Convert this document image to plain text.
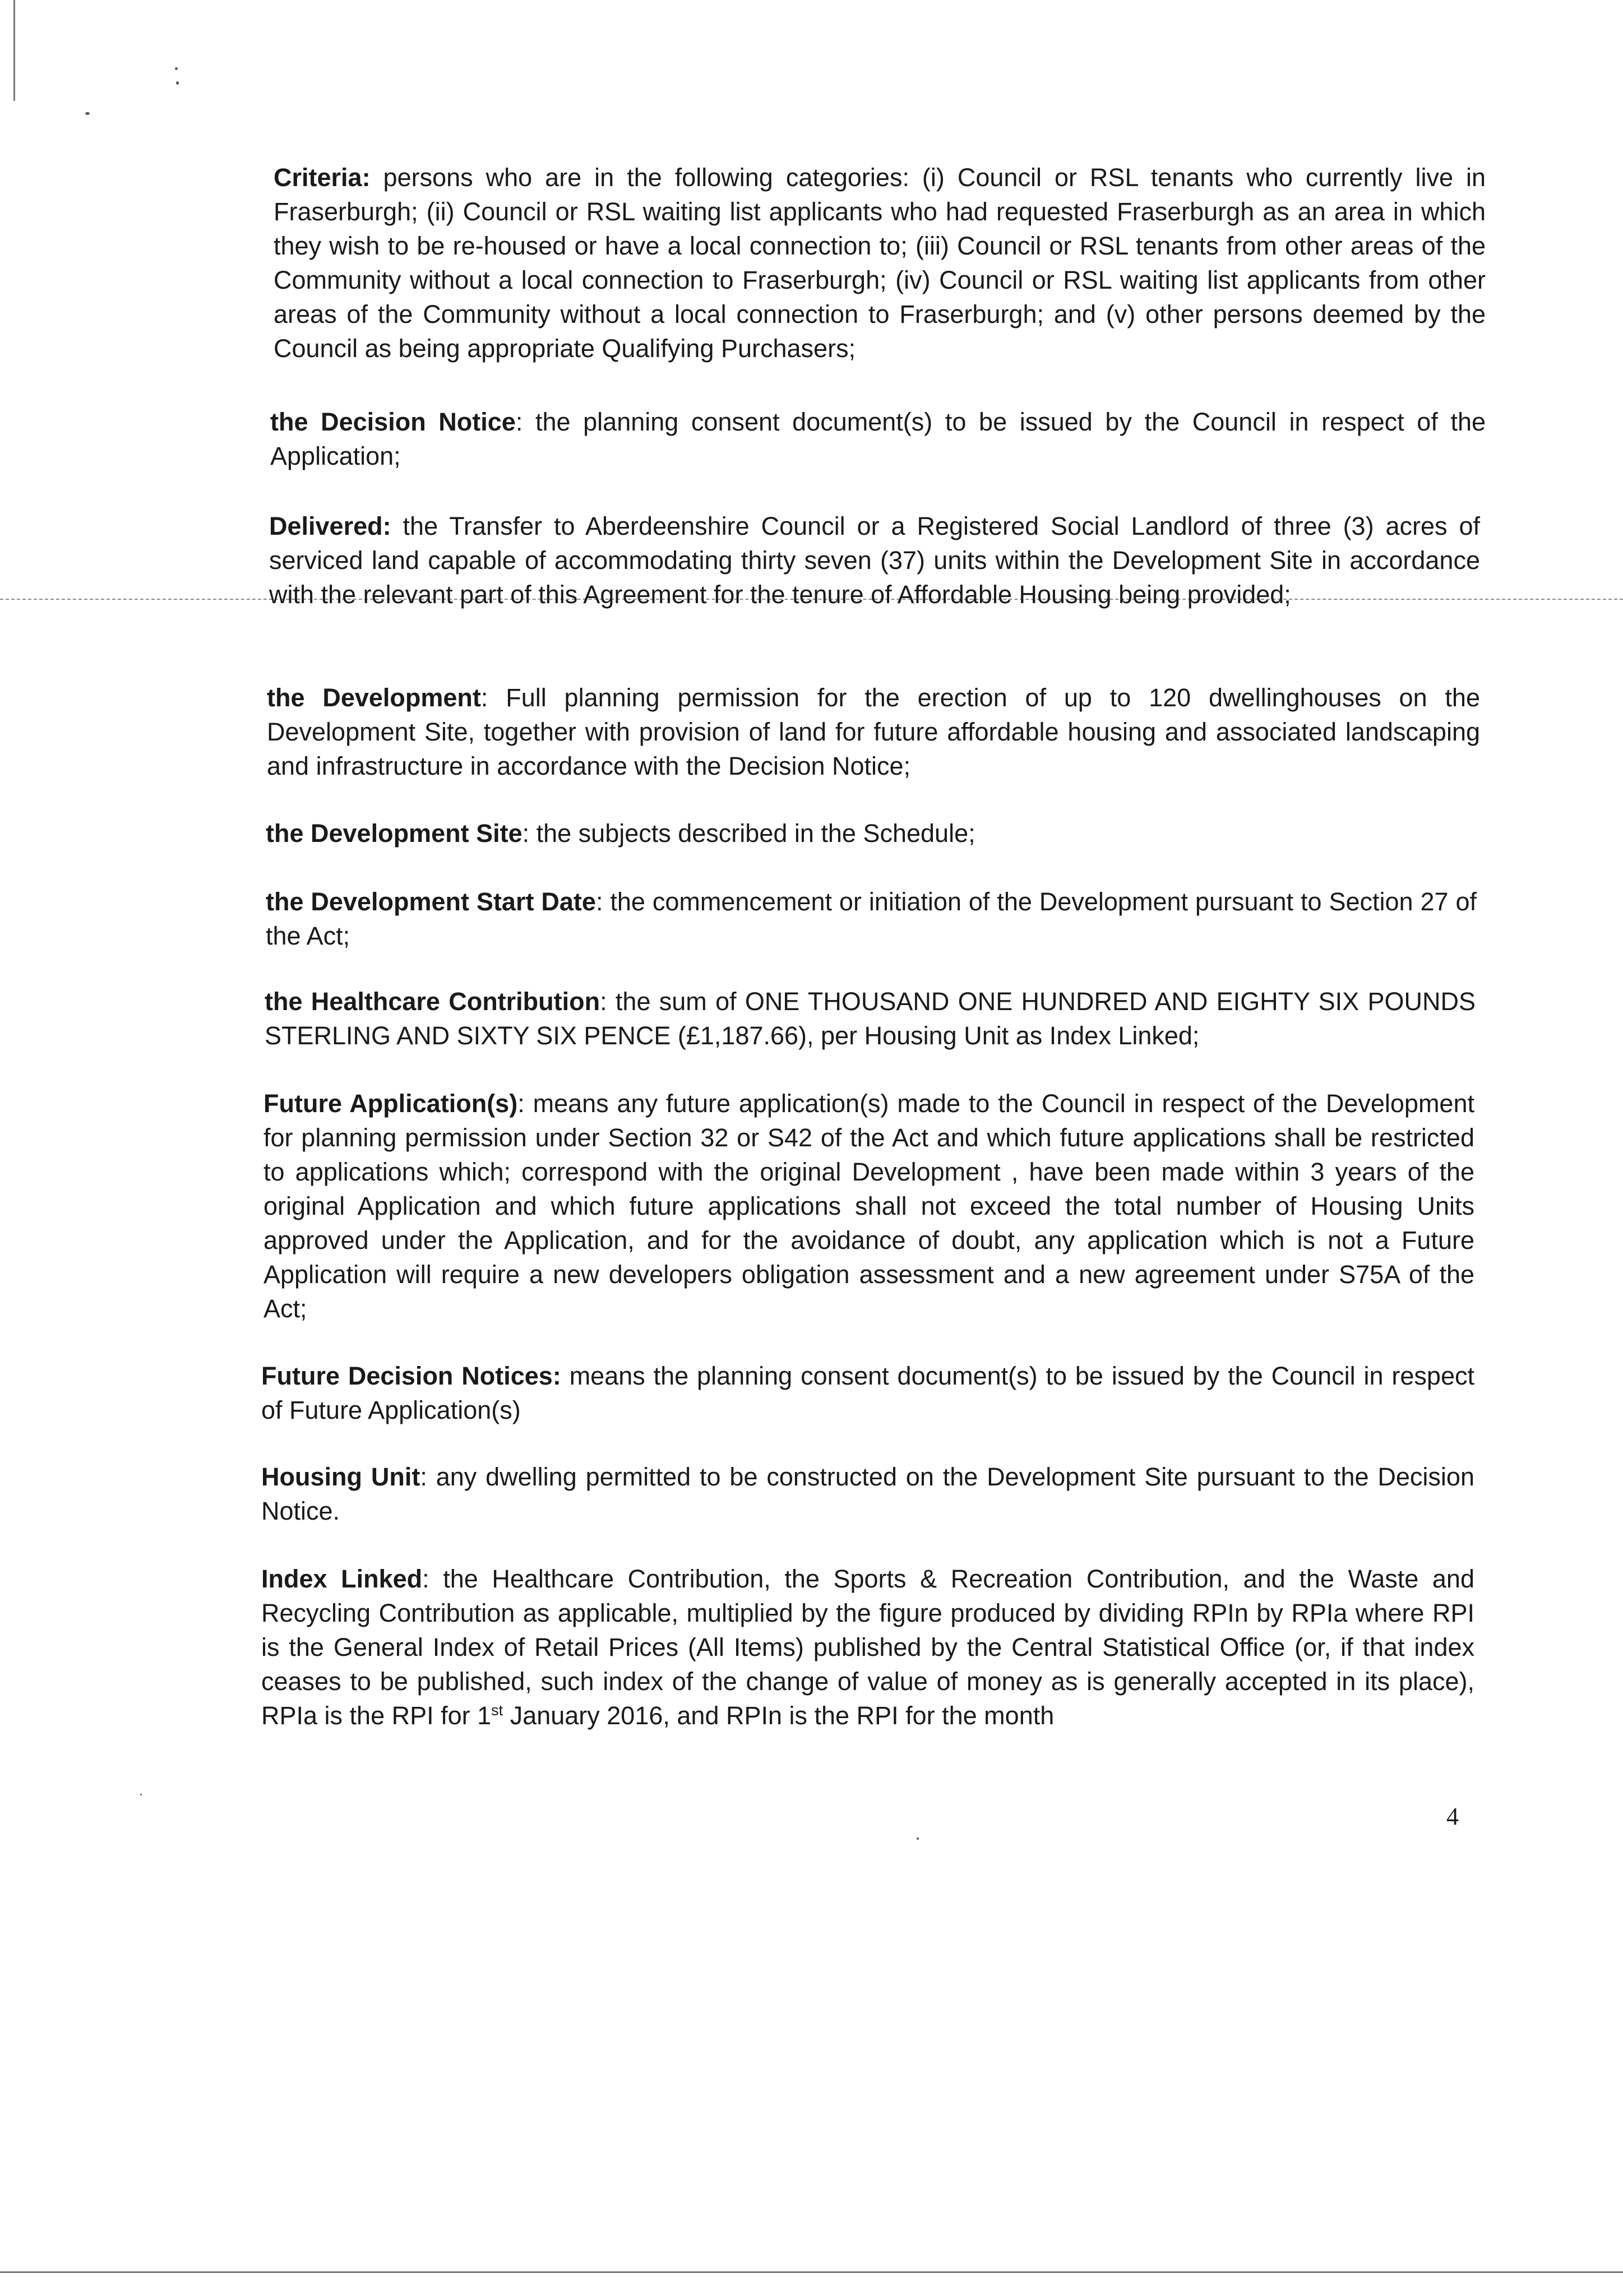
Criteria: persons who are in the following categories: (i) Council or RSL tenants who currently live in Fraserburgh; (ii) Council or RSL waiting list applicants who had requested Fraserburgh as an area in which they wish to be re-housed or have a local connection to; (iii) Council or RSL tenants from other areas of the Community without a local connection to Fraserburgh; (iv) Council or RSL waiting list applicants from other areas of the Community without a local connection to Fraserburgh; and (v) other persons deemed by the Council as being appropriate Qualifying Purchasers;

the Decision Notice: the planning consent document(s) to be issued by the Council in respect of the Application;

Delivered: the Transfer to Aberdeenshire Council or a Registered Social Landlord of three (3) acres of serviced land capable of accommodating thirty seven (37) units within the Development Site in accordance with the relevant part of this Agreement for the tenure of Affordable Housing being provided;

the Development: Full planning permission for the erection of up to 120 dwellinghouses on the Development Site, together with provision of land for future affordable housing and associated landscaping and infrastructure in accordance with the Decision Notice;

the Development Site: the subjects described in the Schedule;

the Development Start Date: the commencement or initiation of the Development pursuant to Section 27 of the Act;

the Healthcare Contribution: the sum of ONE THOUSAND ONE HUNDRED AND EIGHTY SIX POUNDS STERLING AND SIXTY SIX PENCE (£1,187.66), per Housing Unit as Index Linked;

Future Application(s): means any future application(s) made to the Council in respect of the Development for planning permission under Section 32 or S42 of the Act and which future applications shall be restricted to applications which; correspond with the original Development , have been made within 3 years of the original Application and which future applications shall not exceed the total number of Housing Units approved under the Application, and for the avoidance of doubt, any application which is not a Future Application will require a new developers obligation assessment and a new agreement under S75A of the Act;

Future Decision Notices: means the planning consent document(s) to be issued by the Council in respect of Future Application(s)

Housing Unit: any dwelling permitted to be constructed on the Development Site pursuant to the Decision Notice.

Index Linked: the Healthcare Contribution, the Sports & Recreation Contribution, and the Waste and Recycling Contribution as applicable, multiplied by the figure produced by dividing RPIn by RPIa where RPI is the General Index of Retail Prices (All Items) published by the Central Statistical Office (or, if that index ceases to be published, such index of the change of value of money as is generally accepted in its place), RPIa is the RPI for 1st January 2016, and RPIn is the RPI for the month

4
